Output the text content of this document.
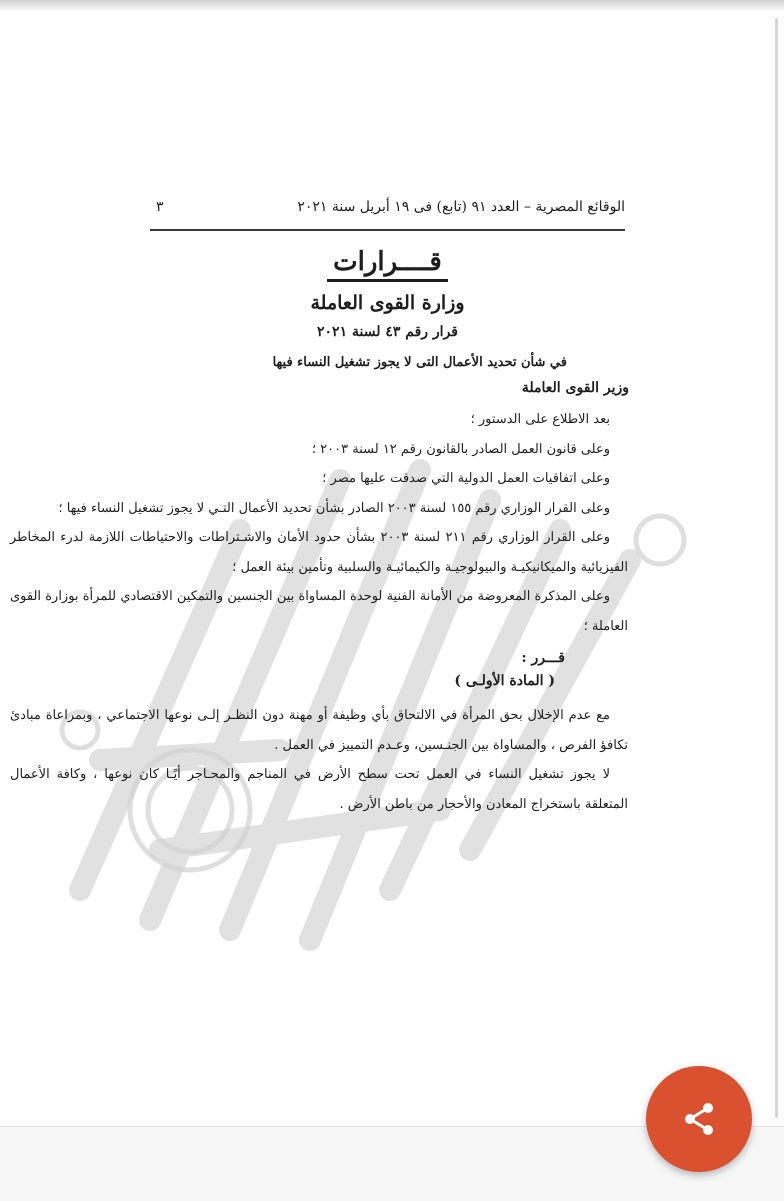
الوقائع المصرية – العدد ٩١ (تابع) فى ١٩ أبريل سنة ٢٠٢١
٣
قــــرارات
وزارة القوى العاملة
قرار رقم ٤٣ لسنة ٢٠٢١
في شأن تحديد الأعمال التى لا يجوز تشغيل النساء فيها
وزير القوى العاملة
بعد الاطلاع على الدستور ؛
وعلى قانون العمل الصادر بالقانون رقم ١٢ لسنة ٢٠٠٣ ؛
وعلى اتفاقيات العمل الدولية التي صدقت عليها مصر ؛
وعلى القرار الوزاري رقم ١٥٥ لسنة ٢٠٠٣ الصادر بشأن تحديد الأعمال التـي لا يجوز تشغيل النساء فيها ؛
وعلى القرار الوزاري رقم ٢١١ لسنة ٢٠٠٣ بشأن حدود الأمان والاشـتراطات والاحتياطات اللازمة لدرء المخاطر الفيزيائية والميكانيكيـة والبيولوجيـة والكيمائيـة والسلبية وتأمين بيئة العمل ؛
وعلى المذكرة المعروضة من الأمانة الفنية لوحدة المساواة بين الجنسين والتمكين الاقتصادي للمرأة بوزارة القوى العاملة ؛
قـــرر :
( المادة الأولـى )
مع عدم الإخلال بحق المرأة في الالتحاق بأي وظيفة أو مهنة دون النظـر إلـى نوعها الاجتماعي ، وبمراعاة مبادئ تكافؤ الفرص ، والمساواة بين الجنـسين، وعـدم التمييز في العمل .
لا يجوز تشغيل النساء في العمل تحت سطح الأرض في المناجم والمحـاجر أيًـا كان نوعها ، وكافة الأعمال المتعلقة باستخراج المعادن والأحجار من باطن الأرض .
